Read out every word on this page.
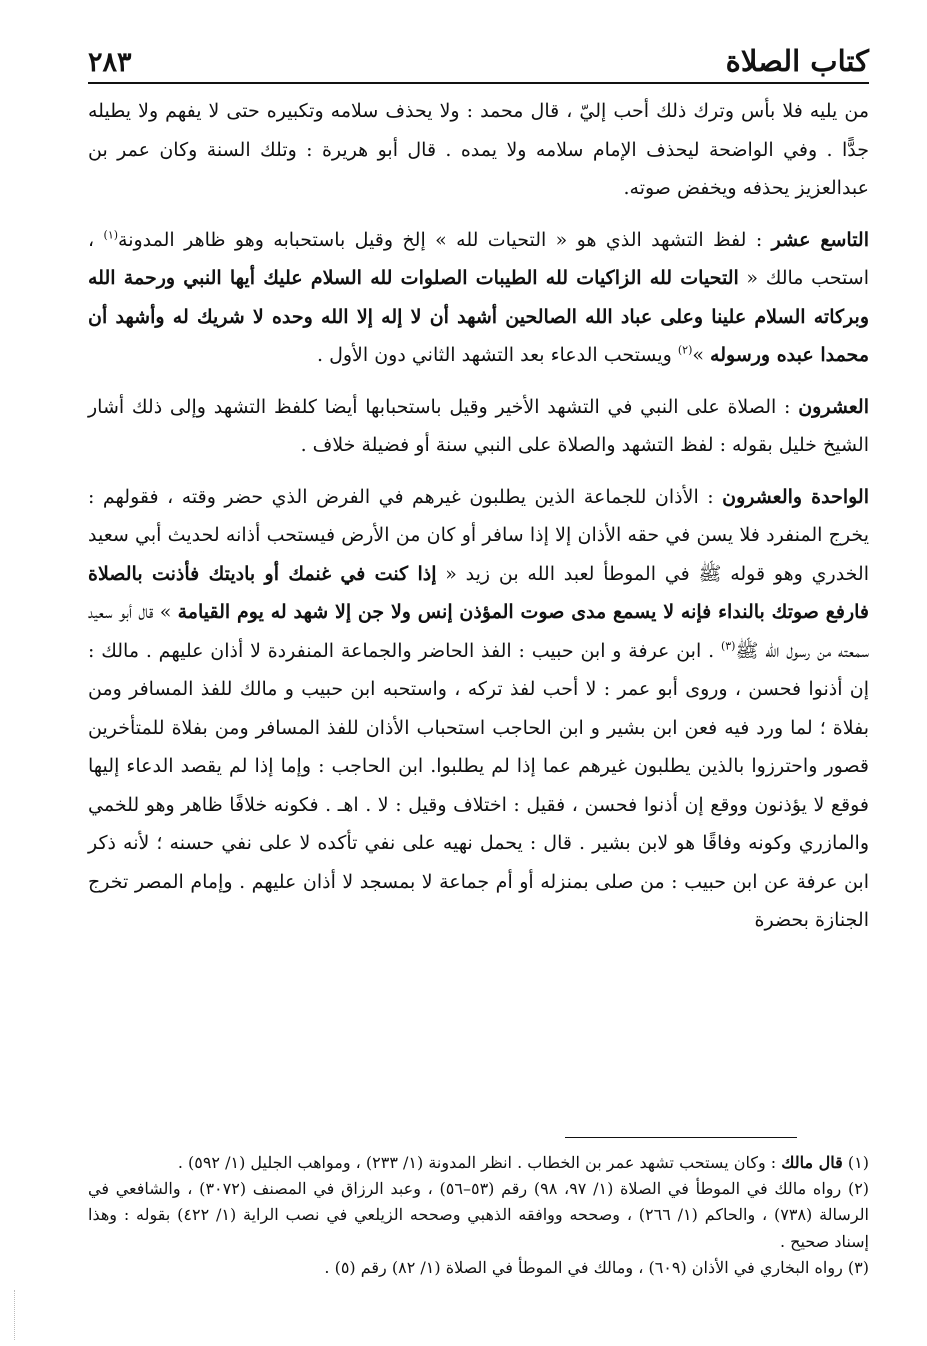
٢٨٣	كتاب الصلاة

من يليه فلا بأس وترك ذلك أحب إليّ ، قال محمد : ولا يحذف سلامه وتكبيره حتى لا يفهم ولا يطيله جدًّا . وفي الواضحة ليحذف الإمام سلامه ولا يمده . قال أبو هريرة : وتلك السنة وكان عمر بن عبدالعزيز يحذفه ويخفض صوته.

التاسع عشر : لفظ التشهد الذي هو « التحيات لله » إلخ وقيل باستحبابه وهو ظاهر المدونة$^{(١)}$ ، استحب مالك « التحيات لله الزاكيات لله الطيبات الصلوات لله السلام عليك أيها النبي ورحمة الله وبركاته السلام علينا وعلى عباد الله الصالحين أشهد أن لا إله إلا الله وحده لا شريك له وأشهد أن محمدا عبده ورسوله »$^{(٢)}$ ويستحب الدعاء بعد التشهد الثاني دون الأول .

العشرون : الصلاة على النبي في التشهد الأخير وقيل باستحبابها أيضا كلفظ التشهد وإلى ذلك أشار الشيخ خليل بقوله : لفظ التشهد والصلاة على النبي سنة أو فضيلة خلاف .

الواحدة والعشرون : الأذان للجماعة الذين يطلبون غيرهم في الفرض الذي حضر وقته ، فقولهم : يخرج المنفرد فلا يسن في حقه الأذان إلا إذا سافر أو كان من الأرض فيستحب أذانه لحديث أبي سعيد الخدري وهو قوله ﷺ في الموطأ لعبد الله بن زيد « إذا كنت في غنمك أو باديتك فأذنت بالصلاة فارفع صوتك بالنداء فإنه لا يسمع مدى صوت المؤذن إنس ولا جن إلا شهد له يوم القيامة » قال أبو سعيد سمعته من رسول الله ﷺ$^{(٣)}$ . ابن عرفة و ابن حبيب : الفذ الحاضر والجماعة المنفردة لا أذان عليهم . مالك : إن أذنوا فحسن ، وروى أبو عمر : لا أحب لفذ تركه ، واستحبه ابن حبيب و مالك للفذ المسافر ومن بفلاة ؛ لما ورد فيه فعن ابن بشير و ابن الحاجب استحباب الأذان للفذ المسافر ومن بفلاة للمتأخرين قصور واحترزوا بالذين يطلبون غيرهم عما إذا لم يطلبوا. ابن الحاجب : وإما إذا لم يقصد الدعاء إليها فوقع لا يؤذنون ووقع إن أذنوا فحسن ، فقيل : اختلاف وقيل : لا . اهـ . فكونه خلافًا ظاهر وهو للخمي والمازري وكونه وفاقًا هو لابن بشير . قال : يحمل نهيه على نفي تأكده لا على نفي حسنه ؛ لأنه ذكر ابن عرفة عن ابن حبيب : من صلى بمنزله أو أم جماعة لا بمسجد لا أذان عليهم . وإمام المصر تخرج الجنازة بحضرة

(١) قال مالك : وكان يستحب تشهد عمر بن الخطاب . انظر المدونة (١/ ٢٣٣) ، ومواهب الجليل (١/ ٥٩٢) .

(٢) رواه مالك في الموطأ في الصلاة (١/ ٩٧، ٩٨) رقم (٥٣–٥٦) ، وعبد الرزاق في المصنف (٣٠٧٢) ، والشافعي في الرسالة (٧٣٨) ، والحاكم (١/ ٢٦٦) ، وصححه ووافقه الذهبي وصححه الزيلعي في نصب الراية (١/ ٤٢٢) بقوله : وهذا إسناد صحيح .

(٣) رواه البخاري في الأذان (٦٠٩) ، ومالك في الموطأ في الصلاة (١/ ٨٢) رقم (٥) .
